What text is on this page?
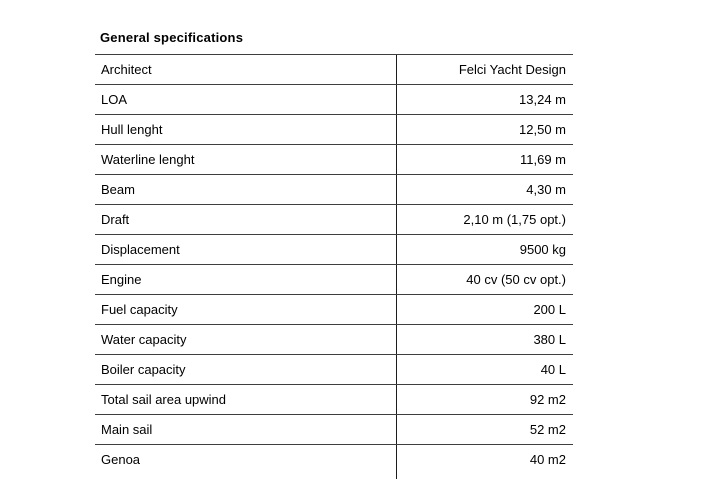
General specifications
Architect	Felci Yacht Design
LOA	13,24 m
Hull lenght	12,50 m
Waterline lenght	11,69 m
Beam	4,30 m
Draft	2,10 m (1,75 opt.)
Displacement	9500 kg
Engine	40 cv (50 cv opt.)
Fuel capacity	200 L
Water capacity	380 L
Boiler capacity	40 L
Total sail area upwind	92 m2
Main sail	52 m2
Genoa	40 m2
